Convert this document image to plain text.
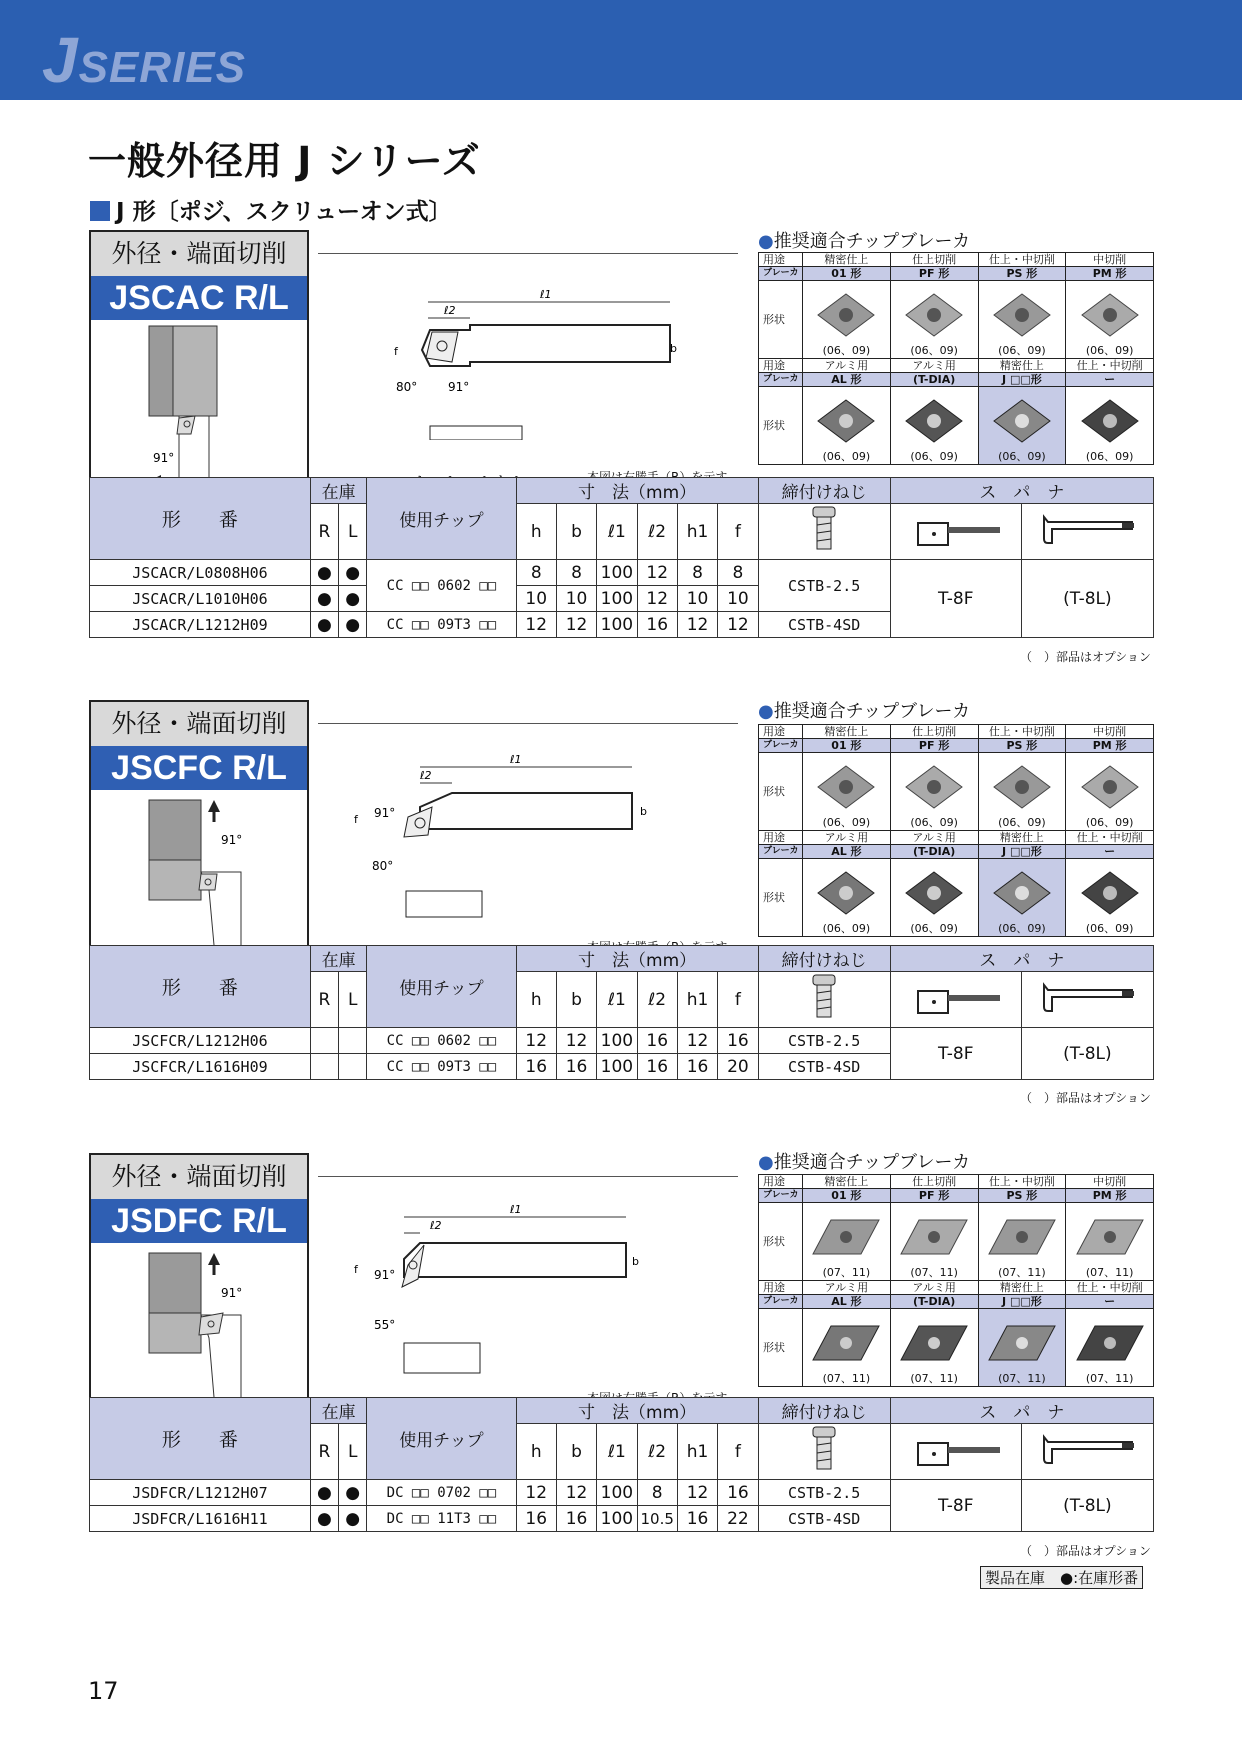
JSERIES
一般外径用 J シリーズ
J 形〔ポジ、スクリューオン式〕
外径・端面切削
JSCAC R/L
91°
ℓ1
ℓ2
b
f
80°	91°
●推奨適合チップブレーカ
用途	精密仕上	仕上切削	仕上・中切削	中切削
ブレーカ	01 形	PF 形	PS 形	PM 形
形状	(06、09)	(06、09)	(06、09)	(06、09)
用途	アルミ用	アルミ用	精密仕上	仕上・中切削
ブレーカ	AL 形	(T-DIA)	J □□形	ー
形状	(06、09)	(06、09)	(06、09)	(06、09)
形　　番	在庫		使用チップ	寸　法（mm）						締付けねじ	ス　パ　ナ	
	R	L		h	b	ℓ1	ℓ2	h1	f			
JSCACR/L0808H06	●	●	CC □□ 0602 □□	8	8	100	12	8	8	CSTB-2.5	T-8F	(T-8L)
JSCACR/L1010H06	●	●		10	10	100	12	10	10			
JSCACR/L1212H09	●	●	CC □□ 09T3 □□	12	12	100	16	12	12	CSTB-4SD		
（　）部品はオプション
外径・端面切削
JSCFC R/L
91°
ℓ1
ℓ2
b
f 91°
80°
●推奨適合チップブレーカ
用途	精密仕上	仕上切削	仕上・中切削	中切削
ブレーカ	01 形	PF 形	PS 形	PM 形
形状	(06、09)	(06、09)	(06、09)	(06、09)
用途	アルミ用	アルミ用	精密仕上	仕上・中切削
ブレーカ	AL 形	(T-DIA)	J □□形	ー
形状	(06、09)	(06、09)	(06、09)	(06、09)
形　　番	在庫		使用チップ	寸　法（mm）						締付けねじ	ス　パ　ナ	
	R	L		h	b	ℓ1	ℓ2	h1	f			
JSCFCR/L1212H06			CC □□ 0602 □□	12	12	100	16	12	16	CSTB-2.5	T-8F	(T-8L)
JSCFCR/L1616H09			CC □□ 09T3 □□	16	16	100	16	16	20	CSTB-4SD		
（　）部品はオプション
外径・端面切削
JSDFC R/L
91°
ℓ1
ℓ2
b
f 91°
55°
●推奨適合チップブレーカ
用途	精密仕上	仕上切削	仕上・中切削	中切削
ブレーカ	01 形	PF 形	PS 形	PM 形
形状	(07、11)	(07、11)	(07、11)	(07、11)
用途	アルミ用	アルミ用	精密仕上	仕上・中切削
ブレーカ	AL 形	(T-DIA)	J □□形	ー
形状	(07、11)	(07、11)	(07、11)	(07、11)
形　　番	在庫		使用チップ	寸　法（mm）						締付けねじ	ス　パ　ナ	
	R	L		h	b	ℓ1	ℓ2	h1	f			
JSDFCR/L1212H07	●	●	DC □□ 0702 □□	12	12	100	8	12	16	CSTB-2.5	T-8F	(T-8L)
JSDFCR/L1616H11	●	●	DC □□ 11T3 □□	16	16	100	10.5	16	22	CSTB-4SD		
（　）部品はオプション
製品在庫　●:在庫形番
17
